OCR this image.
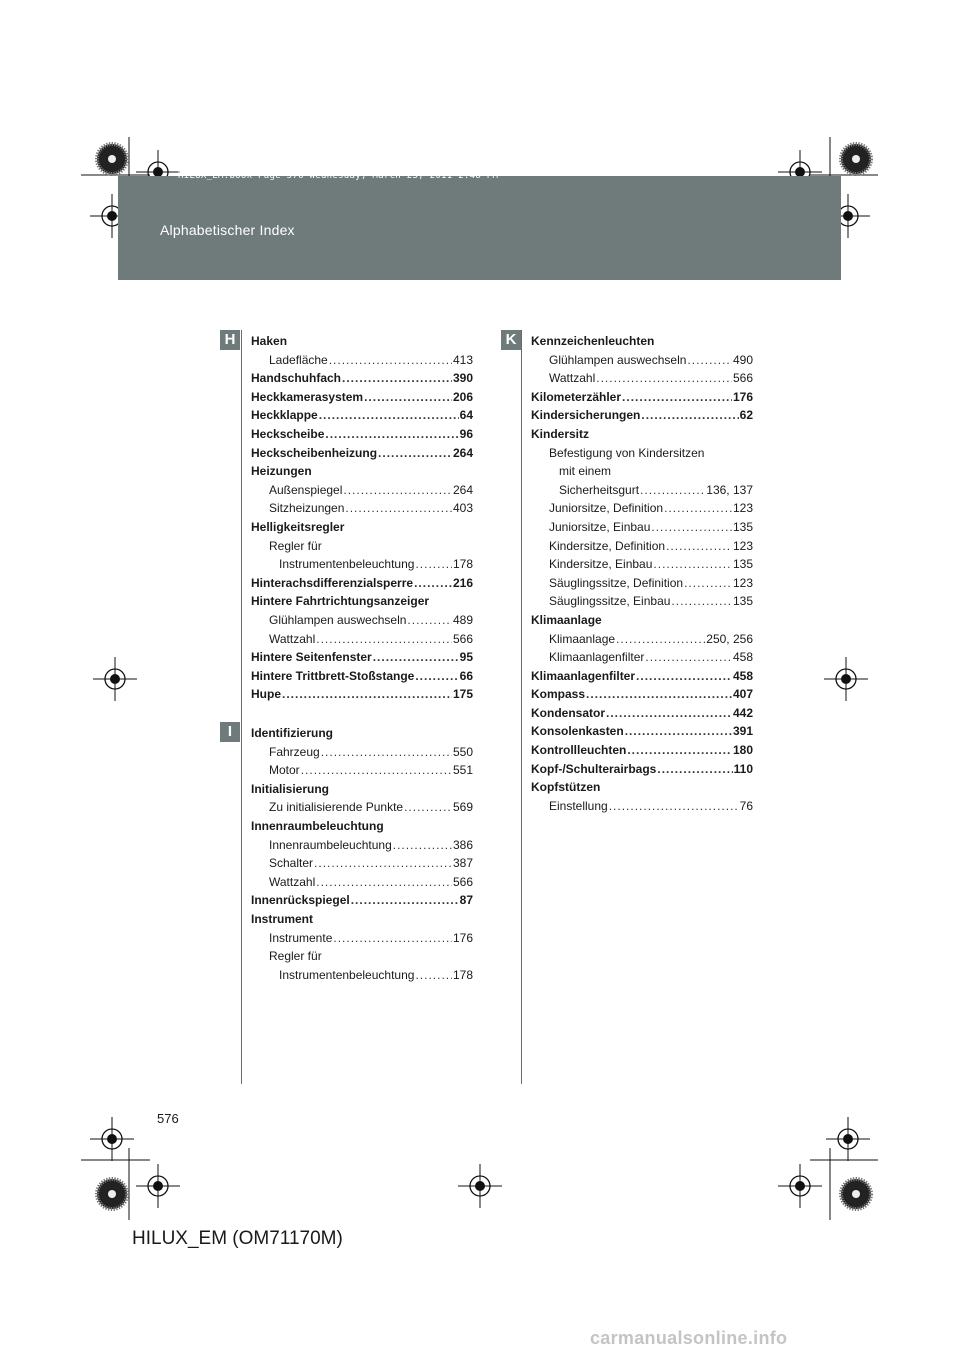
HILUX_EM.book Page 576 Wednesday, March 23, 2011 2:48 PM
Alphabetischer Index
H
I
K
Haken
Ladefläche .....	413
Handschuhfach .....	390
Heckkamerasystem .....	206
Heckklappe .....	64
Heckscheibe .....	96
Heckscheibenheizung .....	264
Heizungen
Außenspiegel .....	264
Sitzheizungen .....	403
Helligkeitsregler
Regler für
Instrumentenbeleuchtung .....	178
Hinterachsdifferenzialsperre .....	216
Hintere Fahrtrichtungsanzeiger
Glühlampen auswechseln .....	489
Wattzahl .....	566
Hintere Seitenfenster .....	95
Hintere Trittbrett-Stoßstange .....	66
Hupe .....	175
Identifizierung
Fahrzeug .....	550
Motor .....	551
Initialisierung
Zu initialisierende Punkte .....	569
Innenraumbeleuchtung
Innenraumbeleuchtung .....	386
Schalter .....	387
Wattzahl .....	566
Innenrückspiegel .....	87
Instrument
Instrumente .....	176
Regler für
Instrumentenbeleuchtung .....	178
Kennzeichenleuchten
Glühlampen auswechseln .....	490
Wattzahl .....	566
Kilometerzähler .....	176
Kindersicherungen .....	62
Kindersitz
Befestigung von Kindersitzen
mit einem
Sicherheitsgurt .....	136, 137
Juniorsitze, Definition .....	123
Juniorsitze, Einbau .....	135
Kindersitze, Definition .....	123
Kindersitze, Einbau .....	135
Säuglingssitze, Definition .....	123
Säuglingssitze, Einbau .....	135
Klimaanlage
Klimaanlage .....	250, 256
Klimaanlagenfilter .....	458
Klimaanlagenfilter .....	458
Kompass .....	407
Kondensator .....	442
Konsolenkasten .....	391
Kontrollleuchten .....	180
Kopf-/Schulterairbags .....	110
Kopfstützen
Einstellung .....	76
576
HILUX_EM (OM71170M)
carmanualsonline.info
